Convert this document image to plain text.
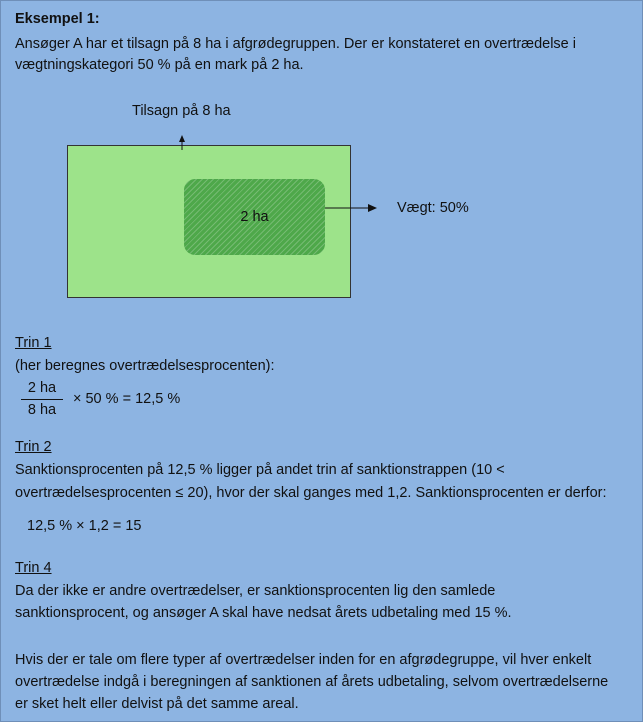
Eksempel 1:

Ansøger A har et tilsagn på 8 ha i afgrødegruppen. Der er konstateret en overtrædelse i

vægtningskategori 50 % på en mark på 2 ha.

2 ha

Tilsagn på 8 ha

Vægt: 50%

Trin 1

(her beregnes overtrædelsesprocenten):

2 ha
8 ha
× 50 % = 12,5 %

Trin 2

Sanktionsprocenten på 12,5 % ligger på andet trin af sanktionstrappen (10 <

overtrædelsesprocenten ≤ 20), hvor der skal ganges med 1,2. Sanktionsprocenten er derfor:

12,5 % × 1,2 = 15

Trin 4

Da der ikke er andre overtrædelser, er sanktionsprocenten lig den samlede

sanktionsprocent, og ansøger A skal have nedsat årets udbetaling med 15 %.

Hvis der er tale om flere typer af overtrædelser inden for en afgrødegruppe, vil hver enkelt

overtrædelse indgå i beregningen af sanktionen af årets udbetaling, selvom overtrædelserne

er sket helt eller delvist på det samme areal.
